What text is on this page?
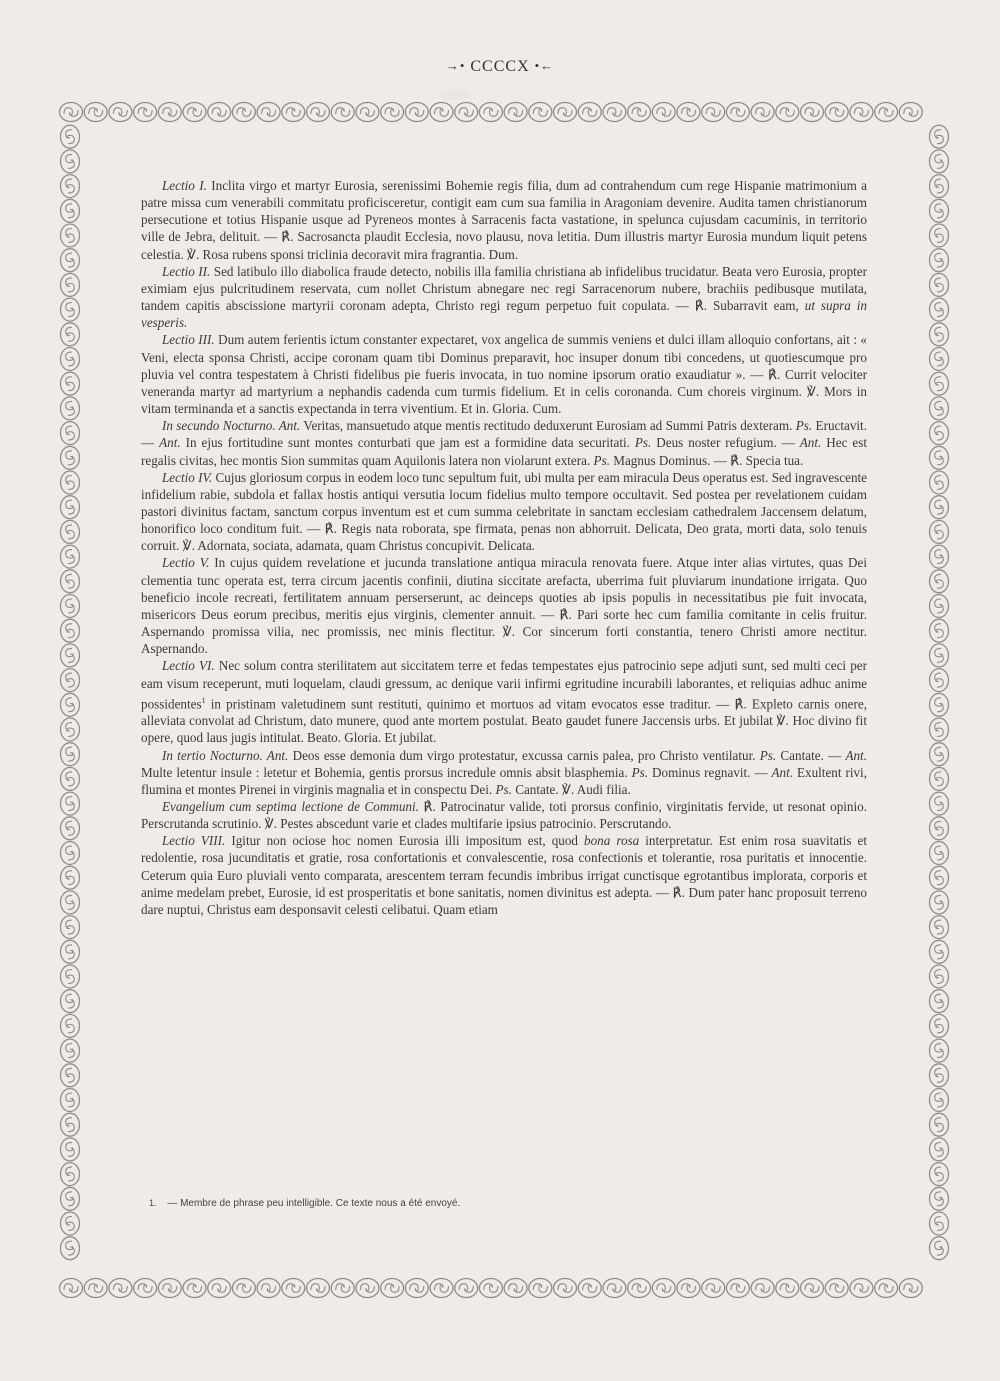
→• CCCCX •←

Lectio I. Inclita virgo et martyr Eurosia, serenissimi Bohemie regis filia, dum ad contrahendum cum rege Hispanie matrimonium a patre missa cum venerabili commitatu proficisceretur, contigit eam cum sua familia in Aragoniam devenire. Audita tamen christianorum persecutione et totius Hispanie usque ad Pyreneos montes à Sarracenis facta vastatione, in spelunca cujusdam cacuminis, in territorio ville de Jebra, delituit. — ℟. Sacrosancta plaudit Ecclesia, novo plausu, nova letitia. Dum illustris martyr Eurosia mundum liquit petens celestia. ℣. Rosa rubens sponsi triclinia decoravit mira fragrantia. Dum.

Lectio II. Sed latibulo illo diabolica fraude detecto, nobilis illa familia christiana ab infidelibus trucidatur. Beata vero Eurosia, propter eximiam ejus pulcritudinem reservata, cum nollet Christum abnegare nec regi Sarracenorum nubere, brachiis pedibusque mutilata, tandem capitis abscissione martyrii coronam adepta, Christo regi regum perpetuo fuit copulata. — ℟. Subarravit eam, ut supra in vesperis.

Lectio III. Dum autem ferientis ictum constanter expectaret, vox angelica de summis veniens et dulci illam alloquio confortans, ait : « Veni, electa sponsa Christi, accipe coronam quam tibi Dominus preparavit, hoc insuper donum tibi concedens, ut quotiescumque pro pluvia vel contra tespestatem à Christi fidelibus pie fueris invocata, in tuo nomine ipsorum oratio exaudiatur ». — ℟. Currit velociter veneranda martyr ad martyrium a nephandis cadenda cum turmis fidelium. Et in celis coronanda. Cum choreis virginum. ℣. Mors in vitam terminanda et a sanctis expectanda in terra viventium. Et in. Gloria. Cum.

In secundo Nocturno. Ant. Veritas, mansuetudo atque mentis rectitudo deduxerunt Eurosiam ad Summi Patris dexteram. Ps. Eructavit. — Ant. In ejus fortitudine sunt montes conturbati que jam est a formidine data securitati. Ps. Deus noster refugium. — Ant. Hec est regalis civitas, hec montis Sion summitas quam Aquilonis latera non violarunt extera. Ps. Magnus Dominus. — ℟. Specia tua.

Lectio IV. Cujus gloriosum corpus in eodem loco tunc sepultum fuit, ubi multa per eam miracula Deus operatus est. Sed ingravescente infidelium rabie, subdola et fallax hostis antiqui versutia locum fidelius multo tempore occultavit. Sed postea per revelationem cuidam pastori divinitus factam, sanctum corpus inventum est et cum summa celebritate in sanctam ecclesiam cathedralem Jaccensem delatum, honorifico loco conditum fuit. — ℟. Regis nata roborata, spe firmata, penas non abhorruit. Delicata, Deo grata, morti data, solo tenuis corruit. ℣. Adornata, sociata, adamata, quam Christus concupivit. Delicata.

Lectio V. In cujus quidem revelatione et jucunda translatione antiqua miracula renovata fuere. Atque inter alias virtutes, quas Dei clementia tunc operata est, terra circum jacentis confinii, diutina siccitate arefacta, uberrima fuit pluviarum inundatione irrigata. Quo beneficio incole recreati, fertilitatem annuam perserserunt, ac deinceps quoties ab ipsis populis in necessitatibus pie fuit invocata, misericors Deus eorum precibus, meritis ejus virginis, clementer annuit. — ℟. Pari sorte hec cum familia comitante in celis fruitur. Aspernando promissa vilia, nec promissis, nec minis flectitur. ℣. Cor sincerum forti constantia, tenero Christi amore nectitur. Aspernando.

Lectio VI. Nec solum contra sterilitatem aut siccitatem terre et fedas tempestates ejus patrocinio sepe adjuti sunt, sed multi ceci per eam visum receperunt, muti loquelam, claudi gressum, ac denique varii infirmi egritudine incurabili laborantes, et reliquias adhuc anime possidentes$^1$ in pristinam valetudinem sunt restituti, quinimo et mortuos ad vitam evocatos esse traditur. — ℟. Expleto carnis onere, alleviata convolat ad Christum, dato munere, quod ante mortem postulat. Beato gaudet funere Jaccensis urbs. Et jubilat ℣. Hoc divino fit opere, quod laus jugis intitulat. Beato. Gloria. Et jubilat.

In tertio Nocturno. Ant. Deos esse demonia dum virgo protestatur, excussa carnis palea, pro Christo ventilatur. Ps. Cantate. — Ant. Multe letentur insule : letetur et Bohemia, gentis prorsus incredule omnis absit blasphemia. Ps. Dominus regnavit. — Ant. Exultent rivi, flumina et montes Pirenei in virginis magnalia et in conspectu Dei. Ps. Cantate. ℣. Audi filia.

Evangelium cum septima lectione de Communi. ℟. Patrocinatur valide, toti prorsus confinio, virginitatis fervide, ut resonat opinio. Perscrutanda scrutinio. ℣. Pestes abscedunt varie et clades multifarie ipsius patrocinio. Perscrutando.

Lectio VIII. Igitur non ociose hoc nomen Eurosia illi impositum est, quod bona rosa interpretatur. Est enim rosa suavitatis et redolentie, rosa jucunditatis et gratie, rosa confortationis et convalescentie, rosa confectionis et tolerantie, rosa puritatis et innocentie. Ceterum quia Euro pluviali vento comparata, arescentem terram fecundis imbribus irrigat cunctisque egrotantibus implorata, corporis et anime medelam prebet, Eurosie, id est prosperitatis et bone sanitatis, nomen divinitus est adepta. — ℟. Dum pater hanc proposuit terreno dare nuptui, Christus eam desponsavit celesti celibatui. Quam etiam

1. — Membre de phrase peu intelligible. Ce texte nous a été envoyé.
